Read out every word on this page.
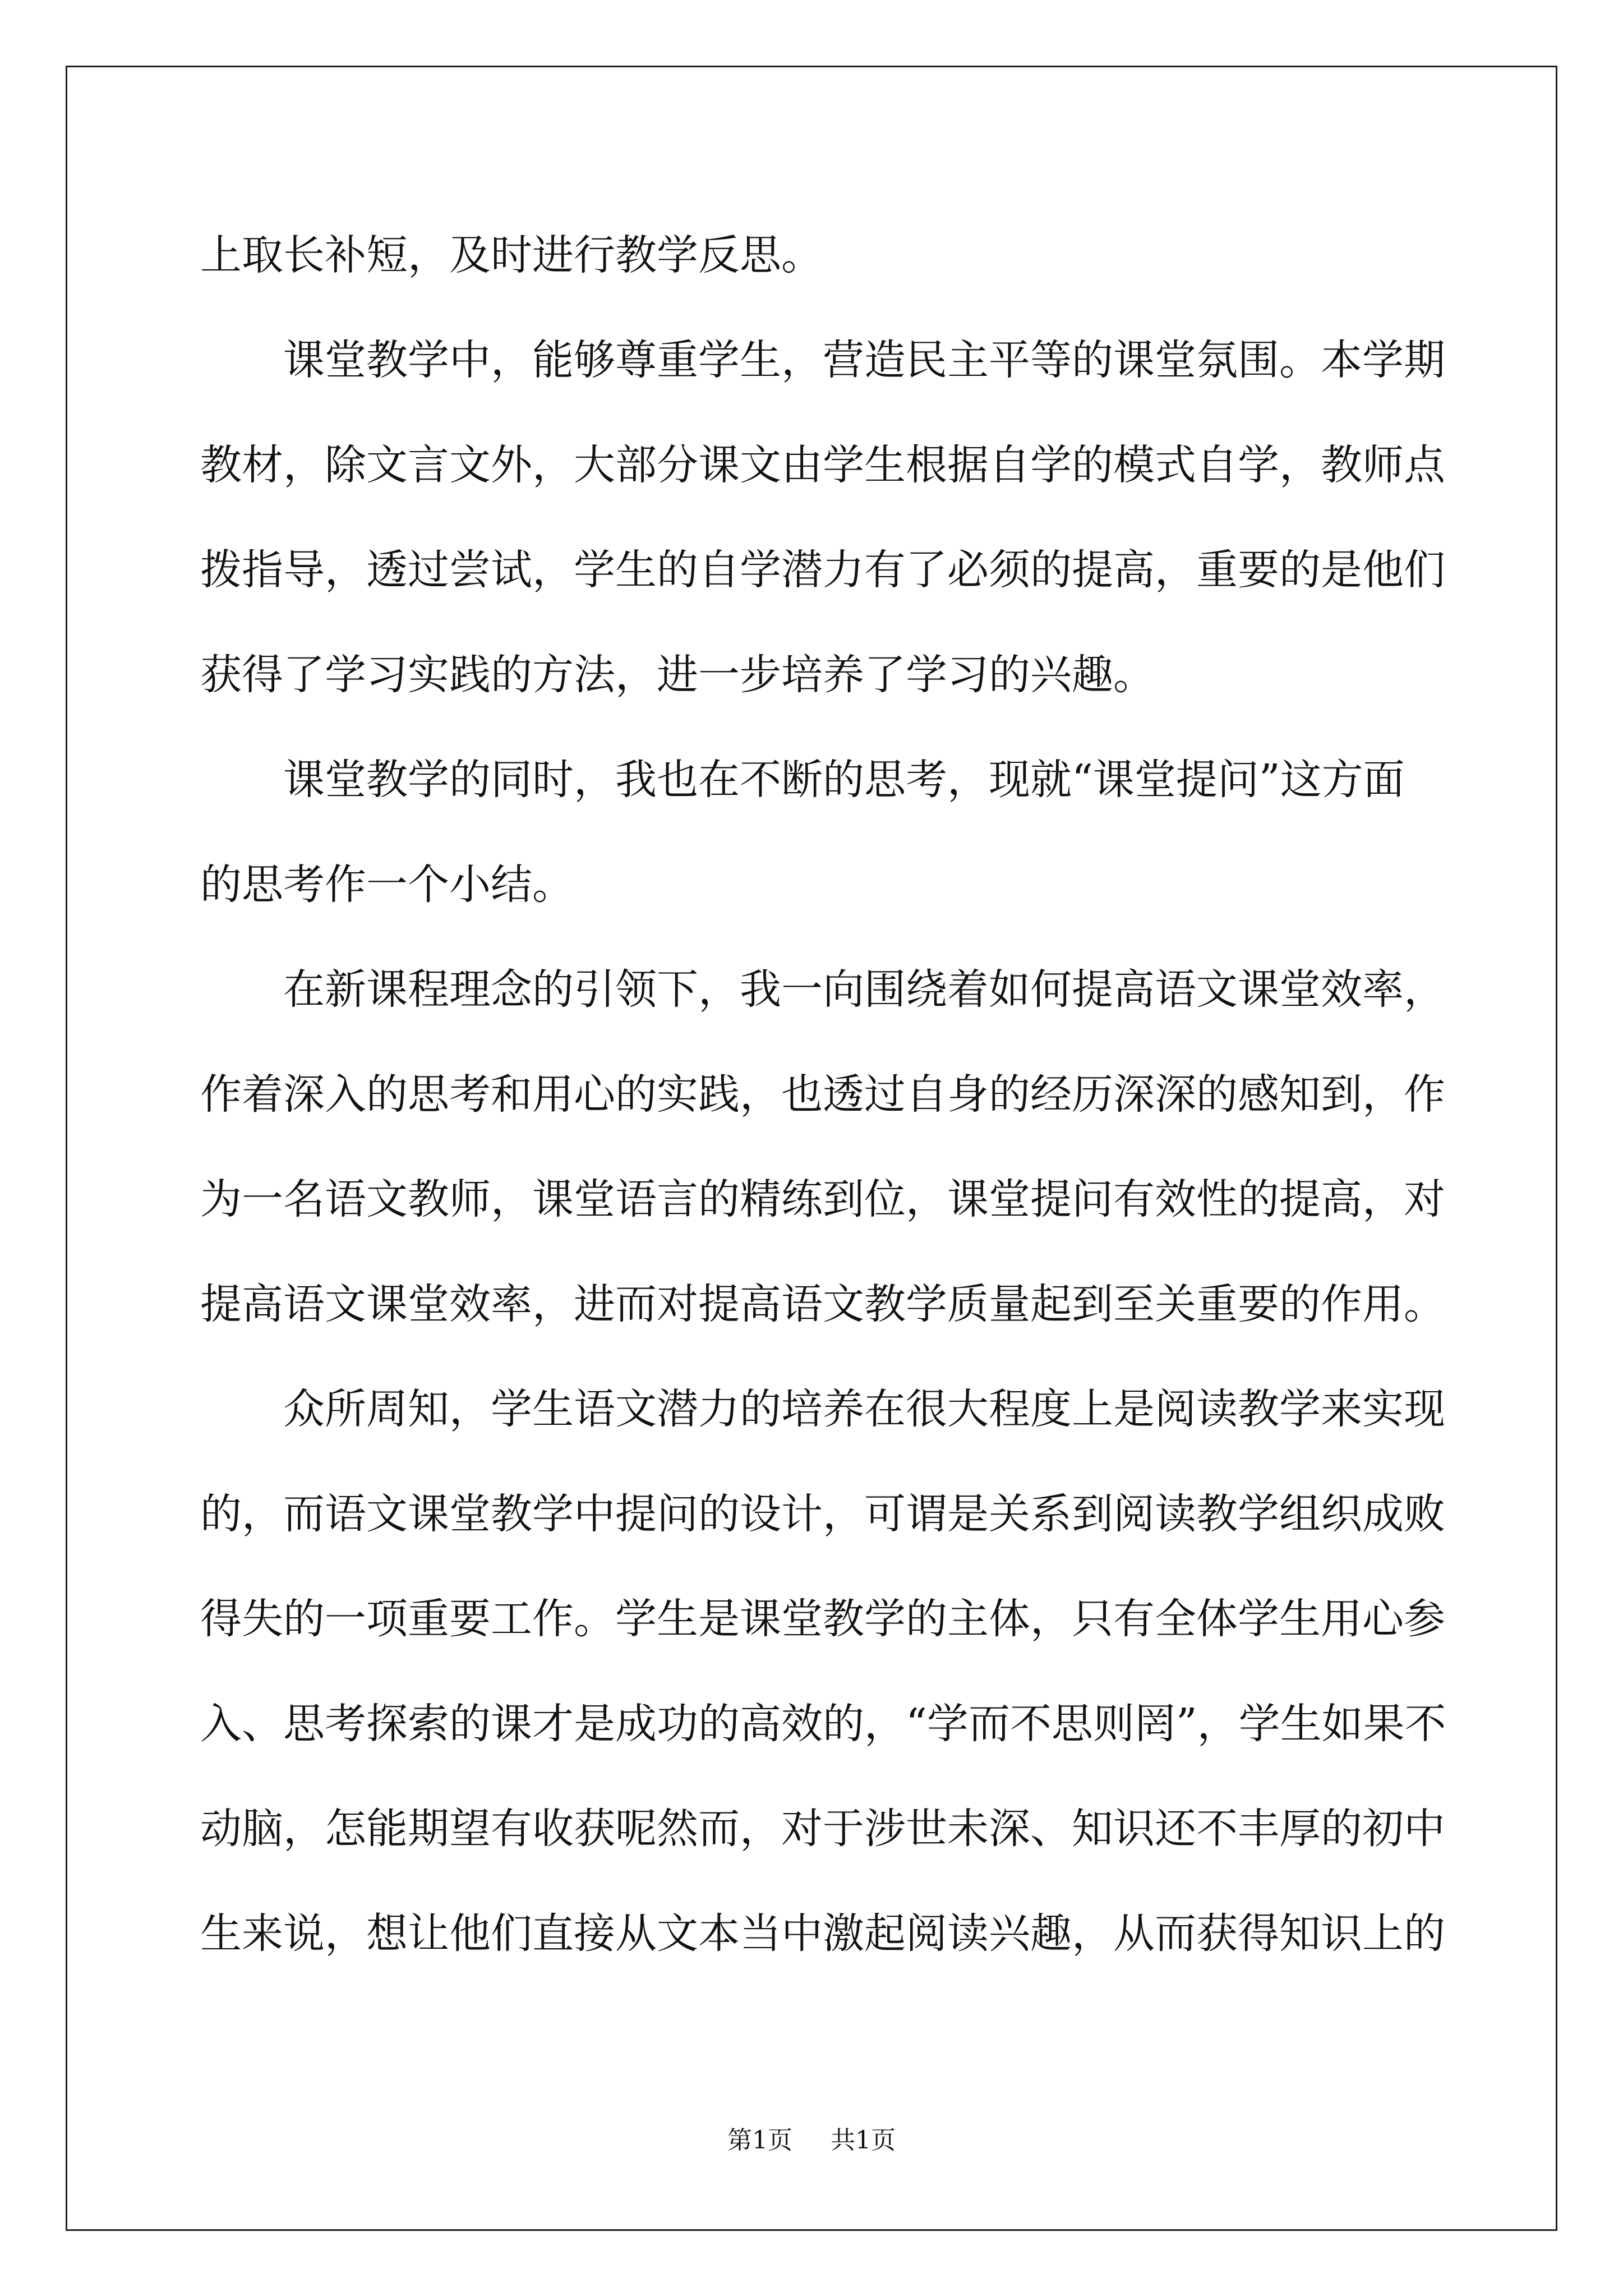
上取长补短，及时进行教学反思。
课堂教学中，能够尊重学生，营造民主平等的课堂氛围。本学期
教材，除文言文外，大部分课文由学生根据自学的模式自学，教师点
拨指导，透过尝试，学生的自学潜力有了必须的提高，重要的是他们
获得了学习实践的方法，进一步培养了学习的兴趣。
课堂教学的同时，我也在不断的思考，现就“课堂提问”这方面
的思考作一个小结。
在新课程理念的引领下，我一向围绕着如何提高语文课堂效率，
作着深入的思考和用心的实践，也透过自身的经历深深的感知到，作
为一名语文教师，课堂语言的精练到位，课堂提问有效性的提高，对
提高语文课堂效率，进而对提高语文教学质量起到至关重要的作用。
众所周知，学生语文潜力的培养在很大程度上是阅读教学来实现
的，而语文课堂教学中提问的设计，可谓是关系到阅读教学组织成败
得失的一项重要工作。学生是课堂教学的主体，只有全体学生用心参
入、思考探索的课才是成功的高效的，“学而不思则罔”，学生如果不
动脑，怎能期望有收获呢然而，对于涉世未深、知识还不丰厚的初中
生来说，想让他们直接从文本当中激起阅读兴趣，从而获得知识上的
第1页 共1页
